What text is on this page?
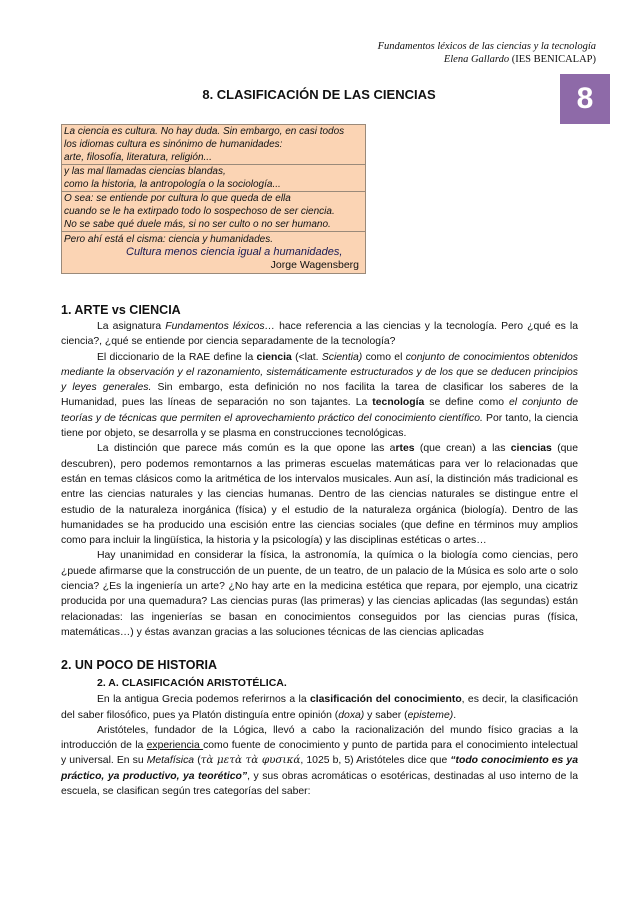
Fundamentos léxicos de las ciencias y la tecnología
Elena Gallardo (IES BENICALAP)
8
8. CLASIFICACIÓN DE LAS CIENCIAS
La ciencia es cultura. No hay duda. Sin embargo, en casi todos
los idiomas cultura es sinónimo de humanidades:
arte, filosofía, literatura, religión...
y las mal llamadas ciencias blandas,
como la historia, la antropología o la sociología...
O sea: se entiende por cultura lo que queda de ella
cuando se le ha extirpado todo lo sospechoso de ser ciencia.
No se sabe qué duele más, si no ser culto o no ser humano.
Pero ahí está el cisma: ciencia y humanidades.
Cultura menos ciencia igual a humanidades,
Jorge Wagensberg
1. ARTE vs CIENCIA

La asignatura Fundamentos léxicos… hace referencia a las ciencias y la tecnología. Pero ¿qué es la ciencia?, ¿qué se entiende por ciencia separadamente de la tecnología?

El diccionario de la RAE define la ciencia (<lat. Scientia) como el conjunto de conocimientos obtenidos mediante la observación y el razonamiento, sistemáticamente estructurados y de los que se deducen principios y leyes generales. Sin embargo, esta definición no nos facilita la tarea de clasificar los saberes de la Humanidad, pues las líneas de separación no son tajantes. La tecnología se define como el conjunto de teorías y de técnicas que permiten el aprovechamiento práctico del conocimiento científico. Por tanto, la ciencia tiene por objeto, se desarrolla y se plasma en construcciones tecnológicas.

La distinción que parece más común es la que opone las artes (que crean) a las ciencias (que descubren), pero podemos remontarnos a las primeras escuelas matemáticas para ver lo relacionadas que están en temas clásicos como la aritmética de los intervalos musicales. Aun así, la distinción más tradicional es entre las ciencias naturales y las ciencias humanas. Dentro de las ciencias naturales se distingue entre el estudio de la naturaleza inorgánica (física) y el estudio de la naturaleza orgánica (biología). Dentro de las humanidades se ha producido una escisión entre las ciencias sociales (que define en términos muy amplios como para incluir la lingüística, la historia y la psicología) y las disciplinas estéticas o artes…

Hay unanimidad en considerar la física, la astronomía, la química o la biología como ciencias, pero ¿puede afirmarse que la construcción de un puente, de un teatro, de un palacio de la Música es solo arte o solo ciencia? ¿Es la ingeniería un arte? ¿No hay arte en la medicina estética que repara, por ejemplo, una cicatriz producida por una quemadura? Las ciencias puras (las primeras) y las ciencias aplicadas (las segundas) están relacionadas: las ingenierías se basan en conocimientos conseguidos por las ciencias puras (física, matemáticas…) y éstas avanzan gracias a las soluciones técnicas de las ciencias aplicadas

2. UN POCO DE HISTORIA
2. A. CLASIFICACIÓN ARISTOTÉLICA.

En la antigua Grecia podemos referirnos a la clasificación del conocimiento, es decir, la clasificación del saber filosófico, pues ya Platón distinguía entre opinión (doxa) y saber (episteme).

Aristóteles, fundador de la Lógica, llevó a cabo la racionalización del mundo físico gracias a la introducción de la experiencia como fuente de conocimiento y punto de partida para el conocimiento intelectual y universal. En su Metafísica (τὰ μετὰ τὰ φυσικά, 1025 b, 5) Aristóteles dice que “todo conocimiento es ya práctico, ya productivo, ya teorético”, y sus obras acromáticas o esotéricas, destinadas al uso interno de la escuela, se clasifican según tres categorías del saber:
